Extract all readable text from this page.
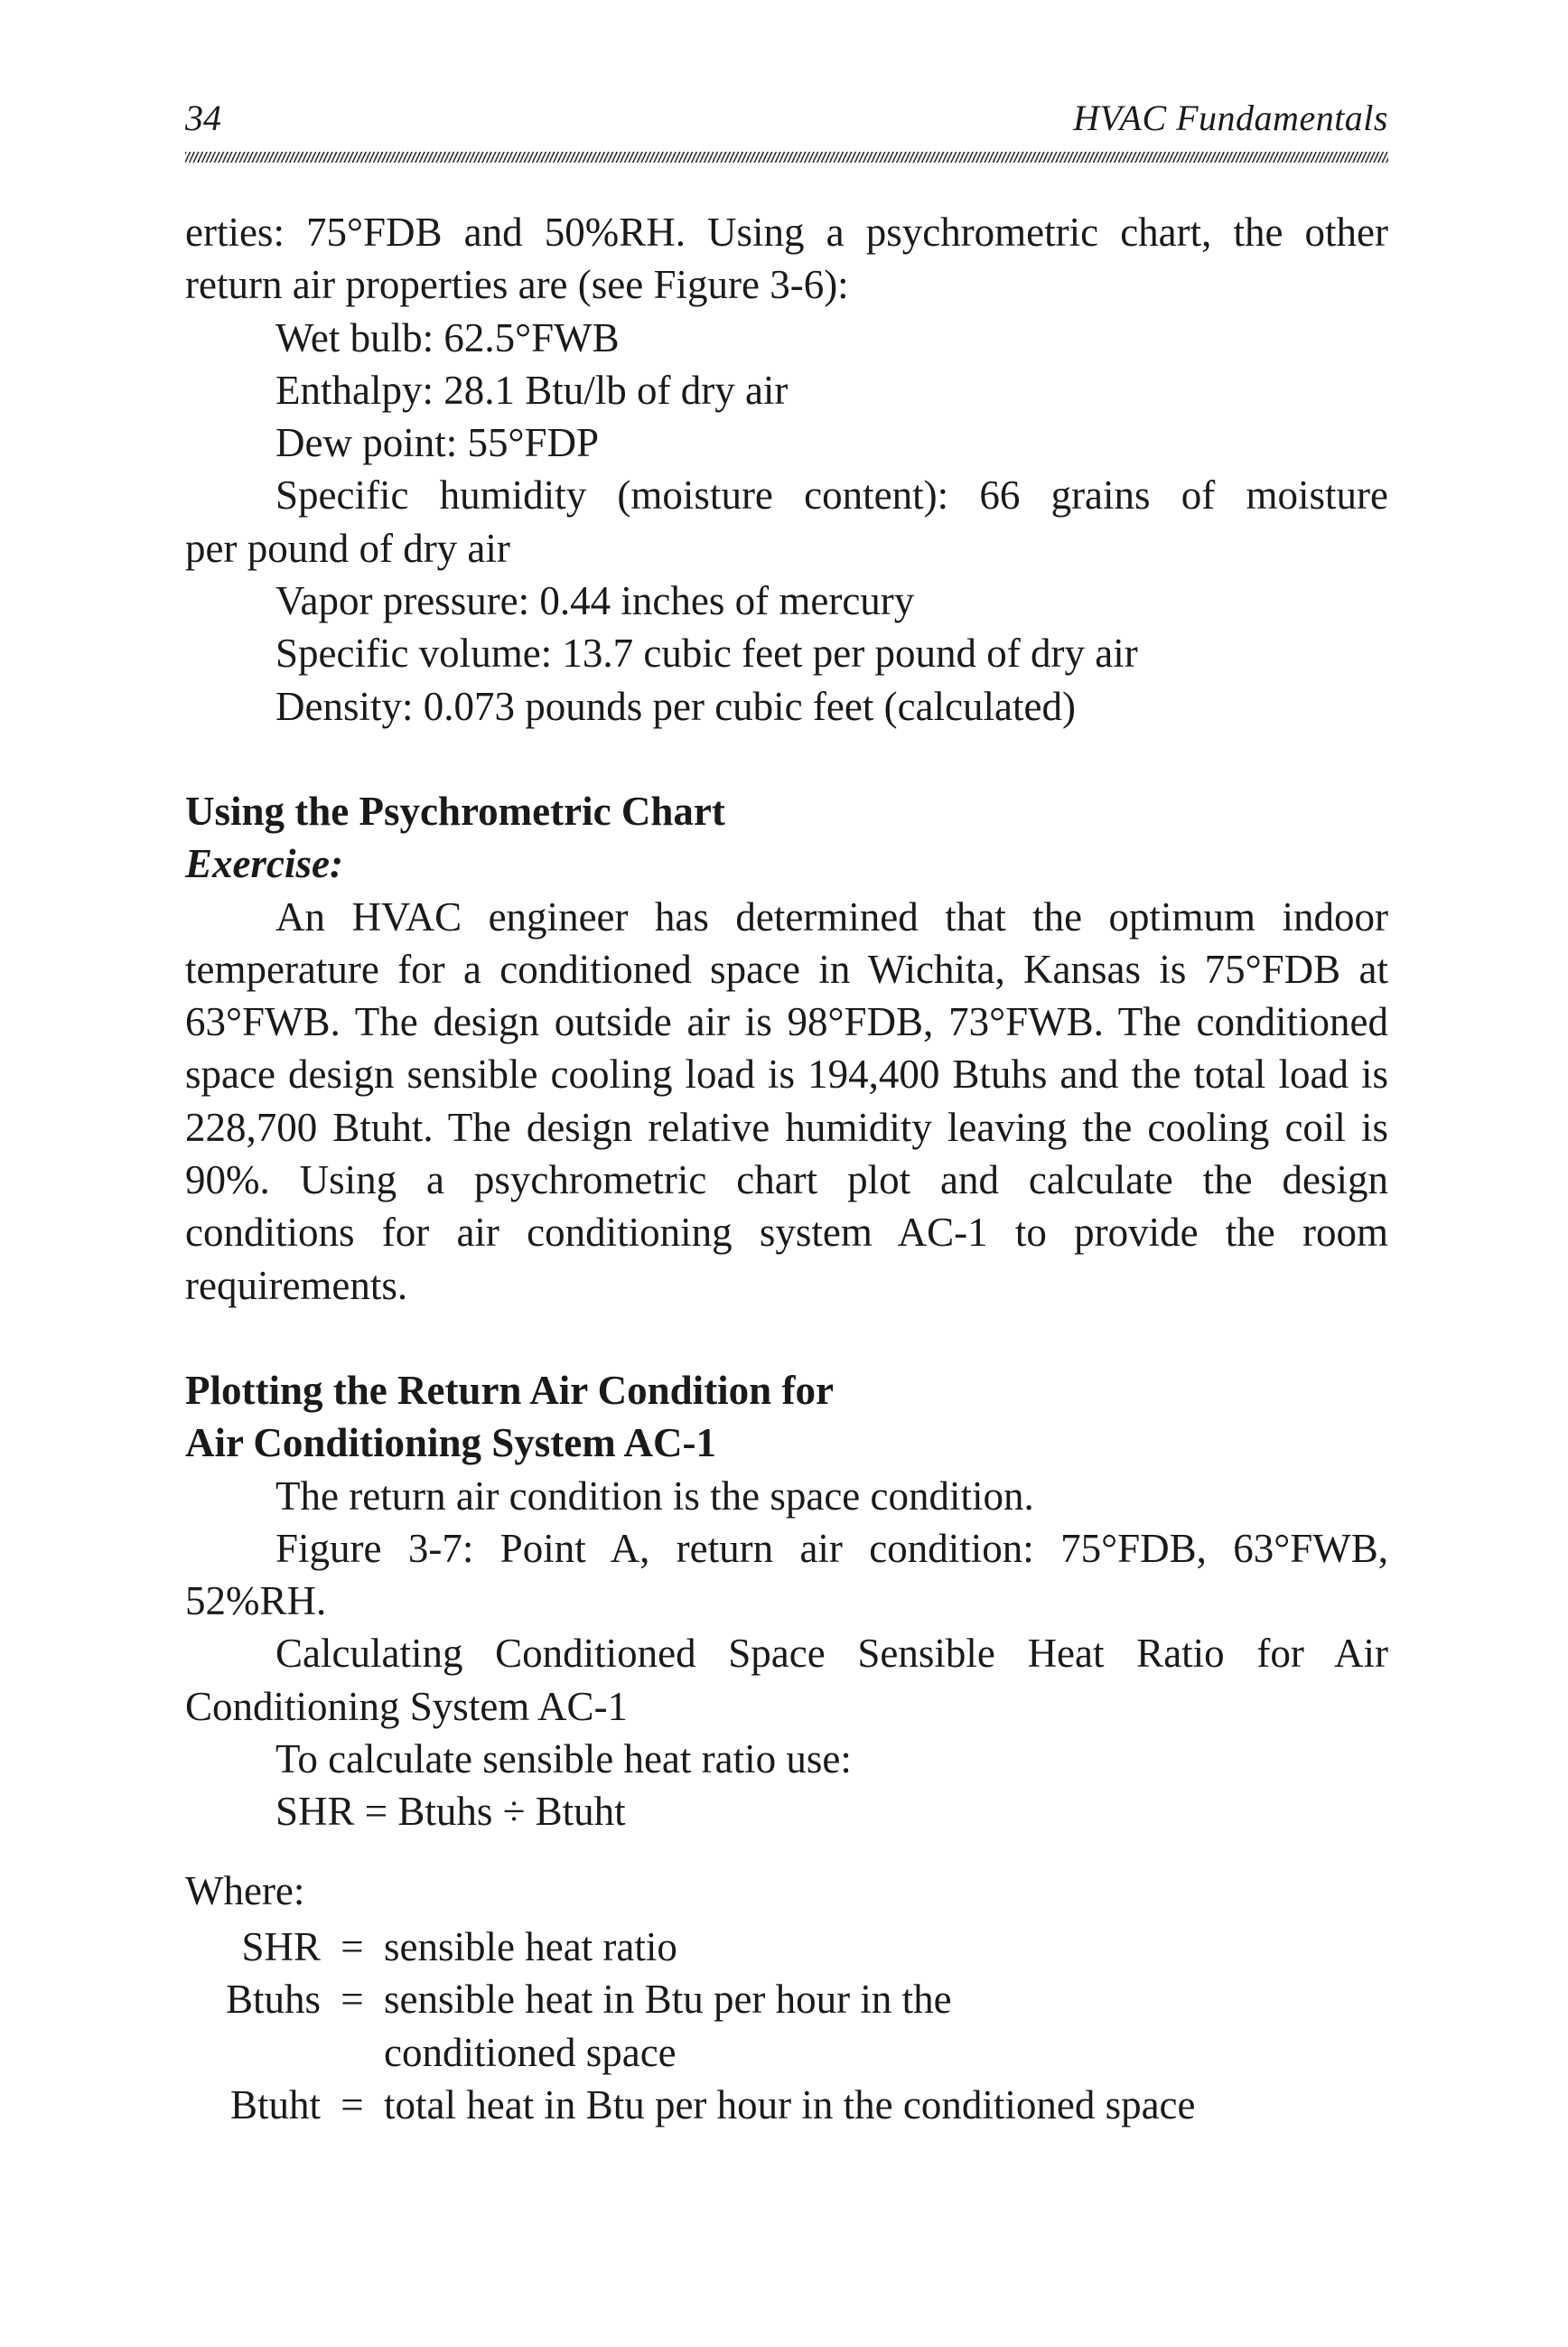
34	HVAC Fundamentals

erties: 75°FDB and 50%RH. Using a psychrometric chart, the other

return air properties are (see Figure 3-6):

Wet bulb: 62.5°FWB

Enthalpy: 28.1 Btu/lb of dry air

Dew point: 55°FDP

Specific humidity (moisture content): 66 grains of moisture

per pound of dry air

Vapor pressure: 0.44 inches of mercury

Specific volume: 13.7 cubic feet per pound of dry air

Density: 0.073 pounds per cubic feet (calculated)

Using the Psychrometric Chart

Exercise:

An HVAC engineer has determined that the optimum indoor temperature for a conditioned space in Wichita, Kansas is 75°FDB at 63°FWB. The design outside air is 98°FDB, 73°FWB. The conditioned space design sensible cooling load is 194,400 Btuhs and the total load is 228,700 Btuht. The design relative humidity leaving the cooling coil is 90%. Using a psychrometric chart plot and calculate the design conditions for air conditioning system AC-1 to provide the room requirements.

Plotting the Return Air Condition for

Air Conditioning System AC-1

The return air condition is the space condition.

Figure 3-7: Point A, return air condition: 75°FDB, 63°FWB, 52%RH.

Calculating Conditioned Space Sensible Heat Ratio for Air Conditioning System AC-1

To calculate sensible heat ratio use:

SHR = Btuhs ÷ Btuht

Where:

SHR = sensible heat ratio
Btuhs = sensible heat in Btu per hour in the
conditioned space
Btuht = total heat in Btu per hour in the conditioned space
